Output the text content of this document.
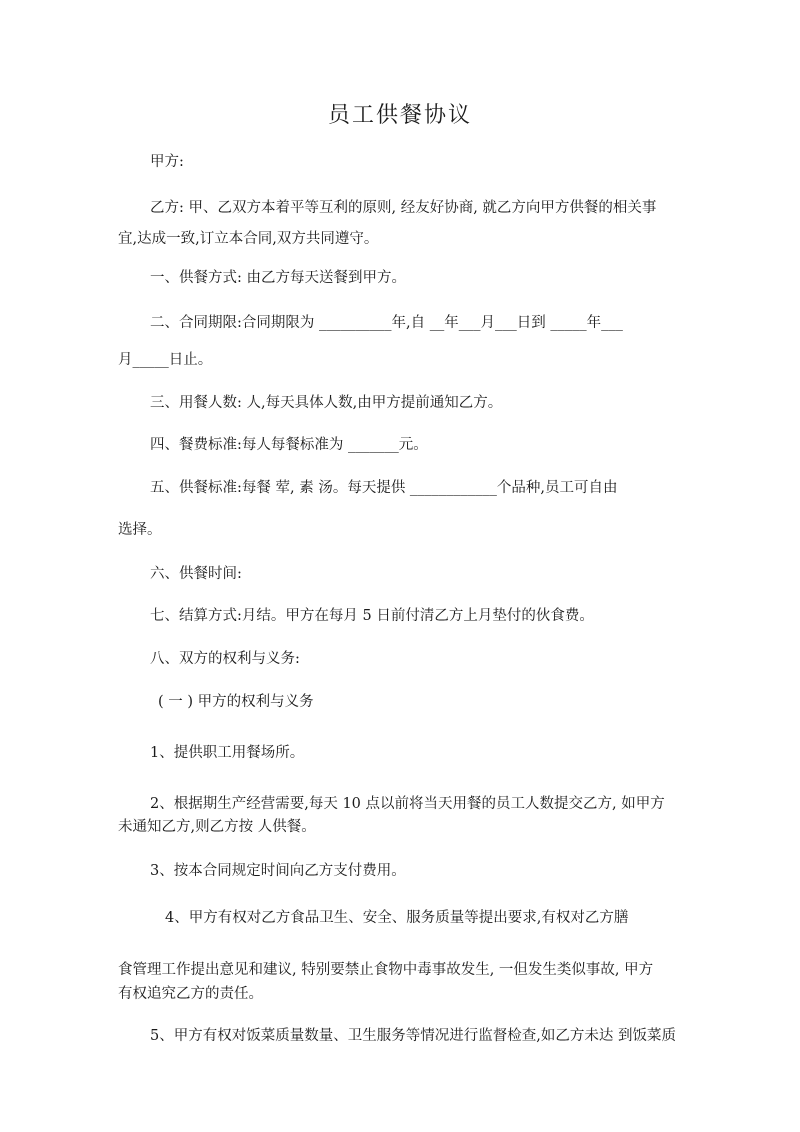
员工供餐协议

甲方:

乙方: 甲、乙双方本着平等互利的原则, 经友好协商, 就乙方向甲方供餐的相关事

宜,达成一致,订立本合同,双方共同遵守。

一、供餐方式: 由乙方每天送餐到甲方。

二、合同期限:合同期限为 __________年,自 __年___月___日到 _____年___

月_____日止。

三、用餐人数: 人,每天具体人数,由甲方提前通知乙方。

四、餐费标准:每人每餐标准为 _______元。

五、供餐标准:每餐 荤, 素 汤。每天提供 ____________个品种,员工可自由

选择。

六、供餐时间:

七、结算方式:月结。甲方在每月 5 日前付清乙方上月垫付的伙食费。

八、双方的权利与义务:

( 一 ) 甲方的权利与义务

1、提供职工用餐场所。

2、根据期生产经营需要,每天 10 点以前将当天用餐的员工人数提交乙方, 如甲方

未通知乙方,则乙方按 人供餐。

3、按本合同规定时间向乙方支付费用。

4、甲方有权对乙方食品卫生、安全、服务质量等提出要求,有权对乙方膳

食管理工作提出意见和建议, 特别要禁止食物中毒事故发生, 一但发生类似事故, 甲方

有权追究乙方的责任。

5、甲方有权对饭菜质量数量、卫生服务等情况进行监督检查,如乙方未达 到饭菜质
